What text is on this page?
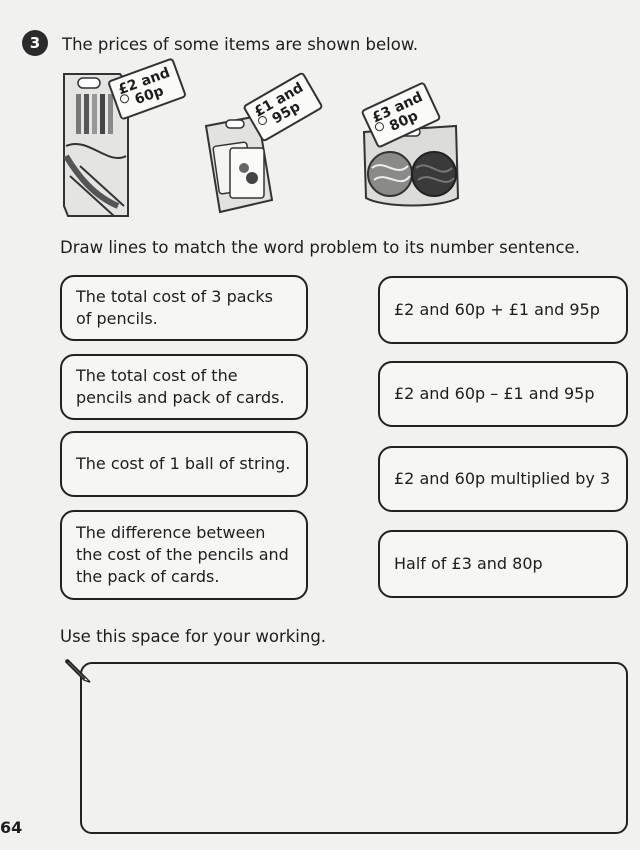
3 The prices of some items are shown below.
£2 and
60p	£1 and
95p	£3 and
80p
Draw lines to match the word problem to its number sentence.
The total cost of 3 packs
of pencils.
The total cost of the
pencils and pack of cards.
The cost of 1 ball of string.
The difference between
the cost of the pencils and
the pack of cards.
£2 and 60p + £1 and 95p
£2 and 60p – £1 and 95p
£2 and 60p multiplied by 3
Half of £3 and 80p
Use this space for your working.
64
